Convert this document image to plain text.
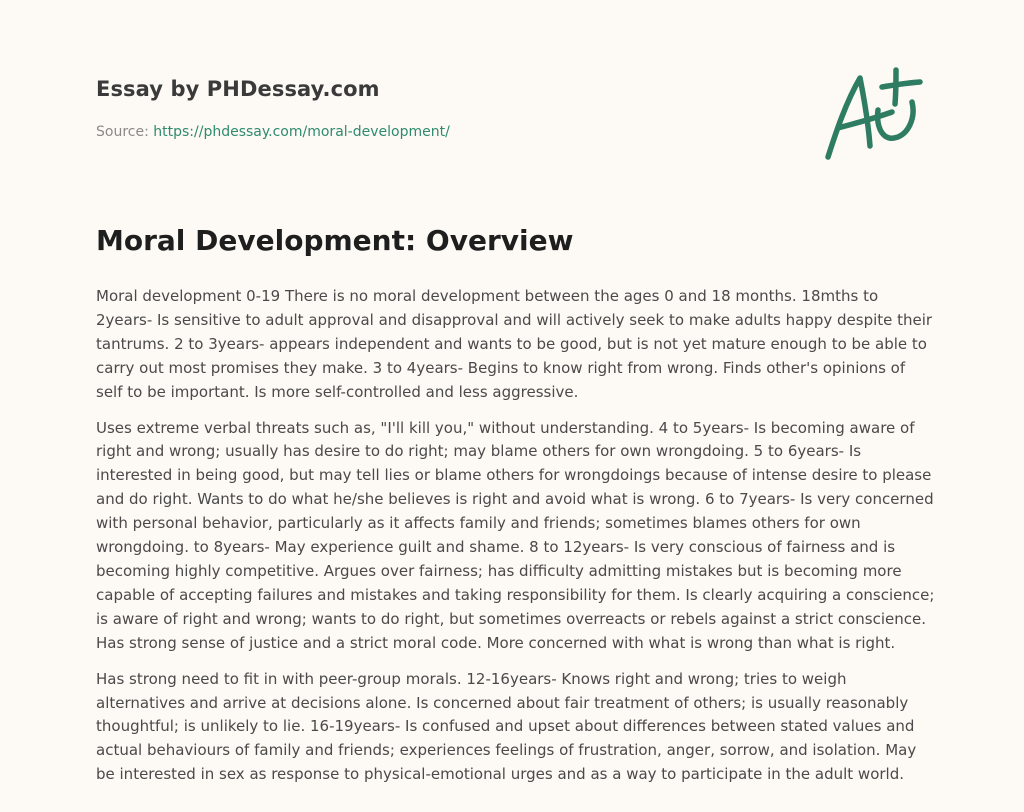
Essay by PHDessay.com
Source: https://phdessay.com/moral-development/
Moral Development: Overview

Moral development 0-19 There is no moral development between the ages 0 and 18 months. 18mths to 2years- Is sensitive to adult approval and disapproval and will actively seek to make adults happy despite their tantrums. 2 to 3years- appears independent and wants to be good, but is not yet mature enough to be able to carry out most promises they make. 3 to 4years- Begins to know right from wrong. Finds other's opinions of self to be important. Is more self-controlled and less aggressive.

Uses extreme verbal threats such as, "I'll kill you," without understanding. 4 to 5years- Is becoming aware of right and wrong; usually has desire to do right; may blame others for own wrongdoing. 5 to 6years- Is interested in being good, but may tell lies or blame others for wrongdoings because of intense desire to please and do right. Wants to do what he/she believes is right and avoid what is wrong. 6 to 7years- Is very concerned with personal behavior, particularly as it affects family and friends; sometimes blames others for own wrongdoing. to 8years- May experience guilt and shame. 8 to 12years- Is very conscious of fairness and is becoming highly competitive. Argues over fairness; has difficulty admitting mistakes but is becoming more capable of accepting failures and mistakes and taking responsibility for them. Is clearly acquiring a conscience; is aware of right and wrong; wants to do right, but sometimes overreacts or rebels against a strict conscience. Has strong sense of justice and a strict moral code. More concerned with what is wrong than what is right.

Has strong need to fit in with peer-group morals. 12-16years- Knows right and wrong; tries to weigh alternatives and arrive at decisions alone. Is concerned about fair treatment of others; is usually reasonably thoughtful; is unlikely to lie. 16-19years- Is confused and upset about differences between stated values and actual behaviours of family and friends; experiences feelings of frustration, anger, sorrow, and isolation. May be interested in sex as response to physical-emotional urges and as a way to participate in the adult world.
